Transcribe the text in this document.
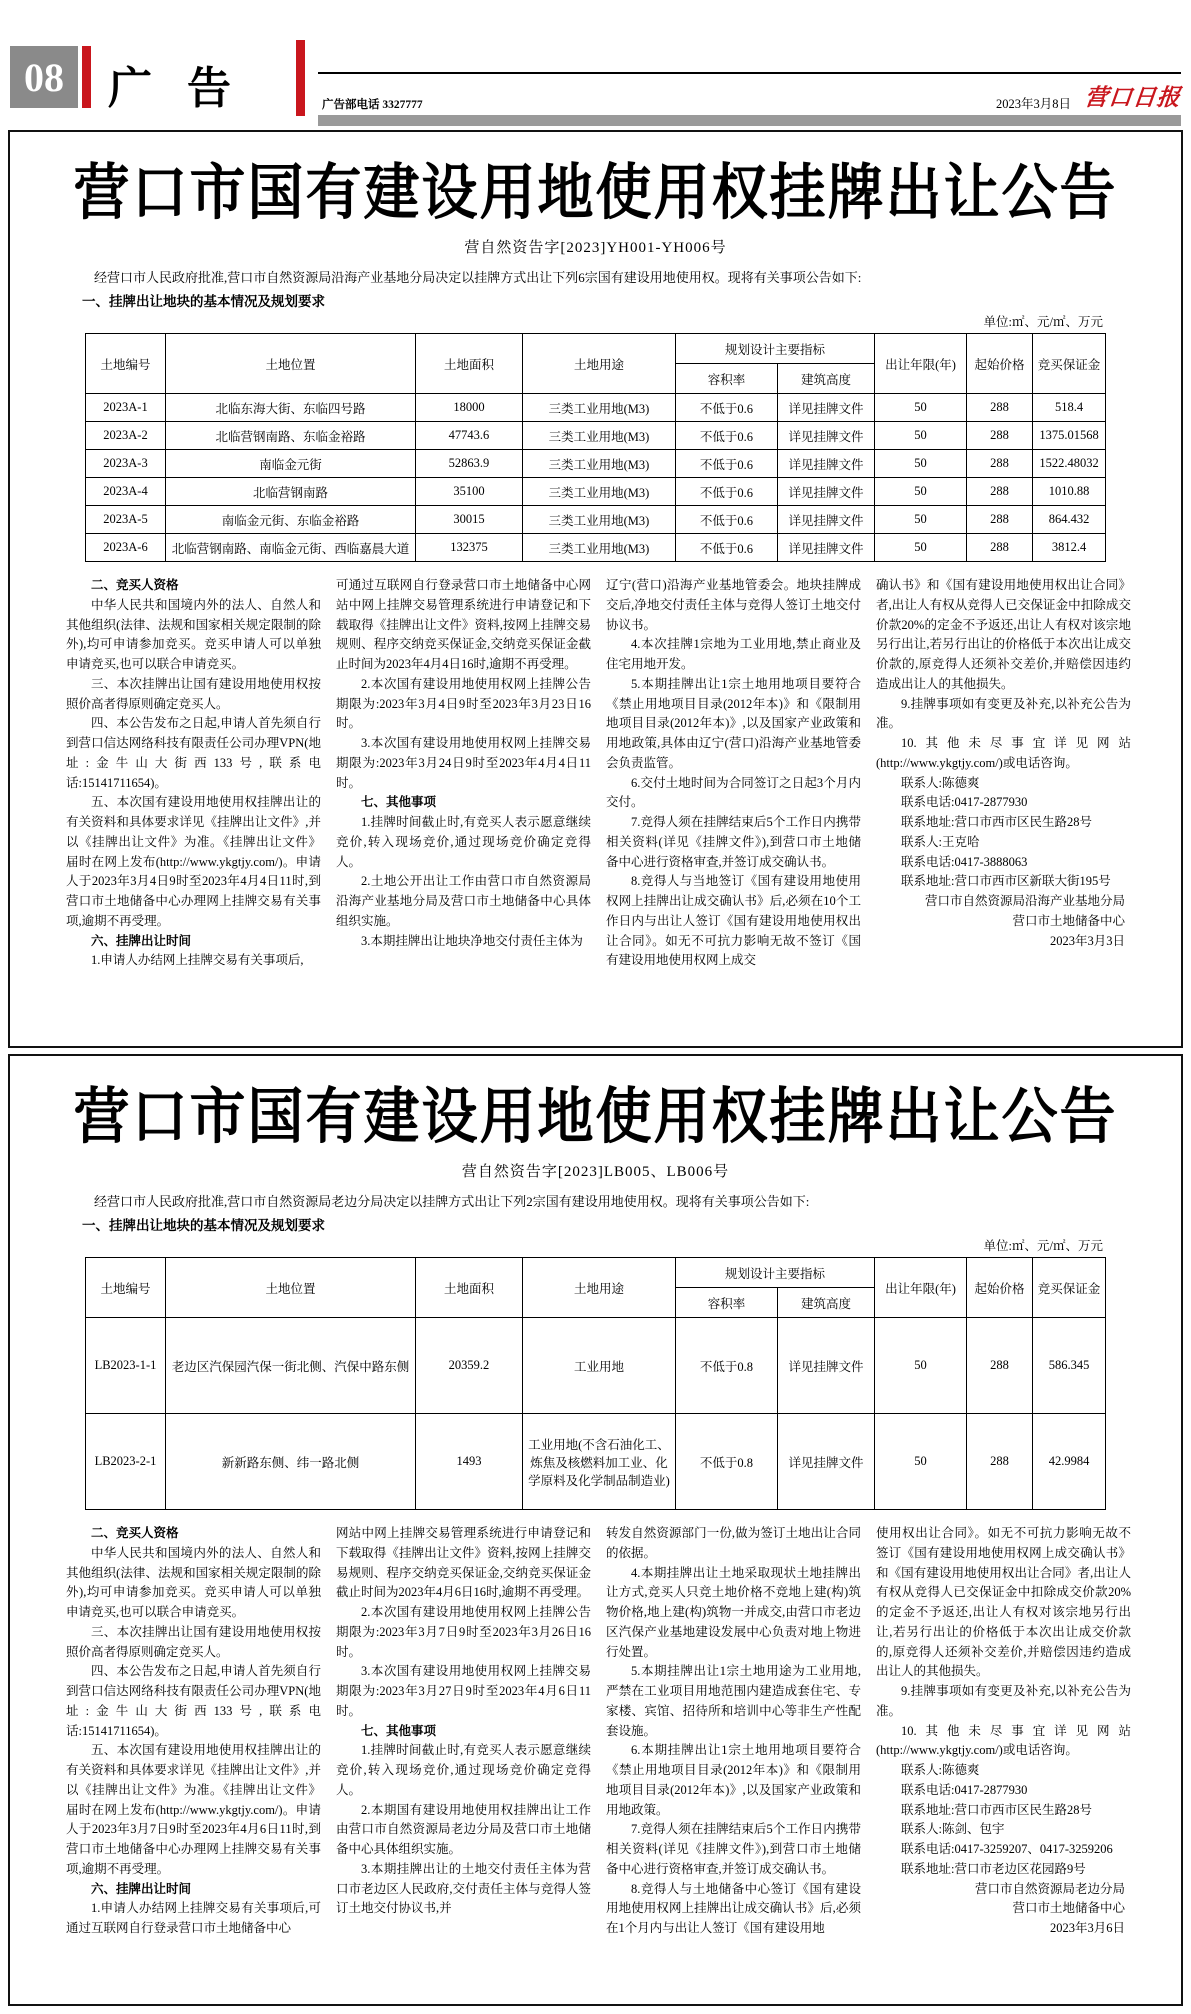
08 广 告	广告部电话 3327777	2023年3月8日 营口日报
营口市国有建设用地使用权挂牌出让公告
营自然资告字[2023]YH001-YH006号

经营口市人民政府批准,营口市自然资源局沿海产业基地分局决定以挂牌方式出让下列6宗国有建设用地使用权。现将有关事项公告如下:

一、挂牌出让地块的基本情况及规划要求
单位:㎡、元/㎡、万元
土地编号	土地位置	土地面积	土地用途	规划设计主要指标		出让年限(年)	起始价格	竞买保证金
				容积率	建筑高度			
2023A-1	北临东海大街、东临四号路	18000	三类工业用地(M3)	不低于0.6	详见挂牌文件	50	288	518.4
2023A-2	北临营钢南路、东临金裕路	47743.6	三类工业用地(M3)	不低于0.6	详见挂牌文件	50	288	1375.01568
2023A-3	南临金元街	52863.9	三类工业用地(M3)	不低于0.6	详见挂牌文件	50	288	1522.48032
2023A-4	北临营钢南路	35100	三类工业用地(M3)	不低于0.6	详见挂牌文件	50	288	1010.88
2023A-5	南临金元街、东临金裕路	30015	三类工业用地(M3)	不低于0.6	详见挂牌文件	50	288	864.432
2023A-6	北临营钢南路、南临金元街、西临嘉晨大道	132375	三类工业用地(M3)	不低于0.6	详见挂牌文件	50	288	3812.4
二、竞买人资格
中华人民共和国境内外的法人、自然人和其他组织(法律、法规和国家相关规定限制的除外),均可申请参加竞买。竞买申请人可以单独申请竞买,也可以联合申请竞买。
三、本次挂牌出让国有建设用地使用权按照价高者得原则确定竞买人。
四、本公告发布之日起,申请人首先须自行到营口信达网络科技有限责任公司办理VPN(地址:金牛山大街西133号,联系电话:15141711654)。
五、本次国有建设用地使用权挂牌出让的有关资料和具体要求详见《挂牌出让文件》,并以《挂牌出让文件》为准。《挂牌出让文件》届时在网上发布(http://www.ykgtjy.com/)。申请人于2023年3月4日9时至2023年4月4日11时,到营口市土地储备中心办理网上挂牌交易有关事项,逾期不再受理。
六、挂牌出让时间
1.申请人办结网上挂牌交易有关事项后,
可通过互联网自行登录营口市土地储备中心网站中网上挂牌交易管理系统进行申请登记和下载取得《挂牌出让文件》资料,按网上挂牌交易规则、程序交纳竞买保证金,交纳竞买保证金截止时间为2023年4月4日16时,逾期不再受理。
2.本次国有建设用地使用权网上挂牌公告期限为:2023年3月4日9时至2023年3月23日16时。
3.本次国有建设用地使用权网上挂牌交易期限为:2023年3月24日9时至2023年4月4日11时。
七、其他事项
1.挂牌时间截止时,有竞买人表示愿意继续竞价,转入现场竞价,通过现场竞价确定竞得人。
2.土地公开出让工作由营口市自然资源局沿海产业基地分局及营口市土地储备中心具体组织实施。
3.本期挂牌出让地块净地交付责任主体为
辽宁(营口)沿海产业基地管委会。地块挂牌成交后,净地交付责任主体与竞得人签订土地交付协议书。
4.本次挂牌1宗地为工业用地,禁止商业及住宅用地开发。
5.本期挂牌出让1宗土地用地项目要符合《禁止用地项目目录(2012年本)》和《限制用地项目目录(2012年本)》,以及国家产业政策和用地政策,具体由辽宁(营口)沿海产业基地管委会负责监管。
6.交付土地时间为合同签订之日起3个月内交付。
7.竞得人须在挂牌结束后5个工作日内携带相关资料(详见《挂牌文件》),到营口市土地储备中心进行资格审查,并签订成交确认书。
8.竞得人与当地签订《国有建设用地使用权网上挂牌出让成交确认书》后,必须在10个工作日内与出让人签订《国有建设用地使用权出让合同》。如无不可抗力影响无故不签订《国有建设用地使用权网上成交
确认书》和《国有建设用地使用权出让合同》者,出让人有权从竞得人已交保证金中扣除成交价款20%的定金不予返还,出让人有权对该宗地另行出让,若另行出让的价格低于本次出让成交价款的,原竞得人还须补交差价,并赔偿因违约造成出让人的其他损失。
9.挂牌事项如有变更及补充,以补充公告为准。
10.其他未尽事宜详见网站(http://www.ykgtjy.com/)或电话咨询。
联系人:陈德爽
联系电话:0417-2877930
联系地址:营口市西市区民生路28号
联系人:王克哈
联系电话:0417-3888063
联系地址:营口市西市区新联大街195号
营口市自然资源局沿海产业基地分局
营口市土地储备中心
2023年3月3日
营口市国有建设用地使用权挂牌出让公告
营自然资告字[2023]LB005、LB006号

经营口市人民政府批准,营口市自然资源局老边分局决定以挂牌方式出让下列2宗国有建设用地使用权。现将有关事项公告如下:

一、挂牌出让地块的基本情况及规划要求
单位:㎡、元/㎡、万元
土地编号	土地位置	土地面积	土地用途	规划设计主要指标		出让年限(年)	起始价格	竞买保证金
				容积率	建筑高度			
LB2023-1-1	老边区汽保园汽保一街北侧、汽保中路东侧	20359.2	工业用地	不低于0.8	详见挂牌文件	50	288	586.345
LB2023-2-1	新新路东侧、纬一路北侧	1493	工业用地(不含石油化工、炼焦及核燃料加工业、化学原料及化学制品制造业)	不低于0.8	详见挂牌文件	50	288	42.9984
二、竞买人资格
中华人民共和国境内外的法人、自然人和其他组织(法律、法规和国家相关规定限制的除外),均可申请参加竞买。竞买申请人可以单独申请竞买,也可以联合申请竞买。
三、本次挂牌出让国有建设用地使用权按照价高者得原则确定竞买人。
四、本公告发布之日起,申请人首先须自行到营口信达网络科技有限责任公司办理VPN(地址:金牛山大街西133号,联系电话:15141711654)。
五、本次国有建设用地使用权挂牌出让的有关资料和具体要求详见《挂牌出让文件》,并以《挂牌出让文件》为准。《挂牌出让文件》届时在网上发布(http://www.ykgtjy.com/)。申请人于2023年3月7日9时至2023年4月6日11时,到营口市土地储备中心办理网上挂牌交易有关事项,逾期不再受理。
六、挂牌出让时间
1.申请人办结网上挂牌交易有关事项后,可通过互联网自行登录营口市土地储备中心
网站中网上挂牌交易管理系统进行申请登记和下载取得《挂牌出让文件》资料,按网上挂牌交易规则、程序交纳竞买保证金,交纳竞买保证金截止时间为2023年4月6日16时,逾期不再受理。
2.本次国有建设用地使用权网上挂牌公告期限为:2023年3月7日9时至2023年3月26日16时。
3.本次国有建设用地使用权网上挂牌交易期限为:2023年3月27日9时至2023年4月6日11时。
七、其他事项
1.挂牌时间截止时,有竞买人表示愿意继续竞价,转入现场竞价,通过现场竞价确定竞得人。
2.本期国有建设用地使用权挂牌出让工作由营口市自然资源局老边分局及营口市土地储备中心具体组织实施。
3.本期挂牌出让的土地交付责任主体为营口市老边区人民政府,交付责任主体与竞得人签订土地交付协议书,并
转发自然资源部门一份,做为签订土地出让合同的依据。
4.本期挂牌出让土地采取现状土地挂牌出让方式,竞买人只竞土地价格不竞地上建(构)筑物价格,地上建(构)筑物一并成交,由营口市老边区汽保产业基地建设发展中心负责对地上物进行处置。
5.本期挂牌出让1宗土地用途为工业用地,严禁在工业项目用地范围内建造成套住宅、专家楼、宾馆、招待所和培训中心等非生产性配套设施。
6.本期挂牌出让1宗土地用地项目要符合《禁止用地项目目录(2012年本)》和《限制用地项目目录(2012年本)》,以及国家产业政策和用地政策。
7.竞得人须在挂牌结束后5个工作日内携带相关资料(详见《挂牌文件》),到营口市土地储备中心进行资格审查,并签订成交确认书。
8.竞得人与土地储备中心签订《国有建设用地使用权网上挂牌出让成交确认书》后,必须在1个月内与出让人签订《国有建设用地
使用权出让合同》。如无不可抗力影响无故不签订《国有建设用地使用权网上成交确认书》和《国有建设用地使用权出让合同》者,出让人有权从竞得人已交保证金中扣除成交价款20%的定金不予返还,出让人有权对该宗地另行出让,若另行出让的价格低于本次出让成交价款的,原竞得人还须补交差价,并赔偿因违约造成出让人的其他损失。
9.挂牌事项如有变更及补充,以补充公告为准。
10.其他未尽事宜详见网站(http://www.ykgtjy.com/)或电话咨询。
联系人:陈德爽
联系电话:0417-2877930
联系地址:营口市西市区民生路28号
联系人:陈剑、包宇
联系电话:0417-3259207、0417-3259206
联系地址:营口市老边区花园路9号
营口市自然资源局老边分局
营口市土地储备中心
2023年3月6日
